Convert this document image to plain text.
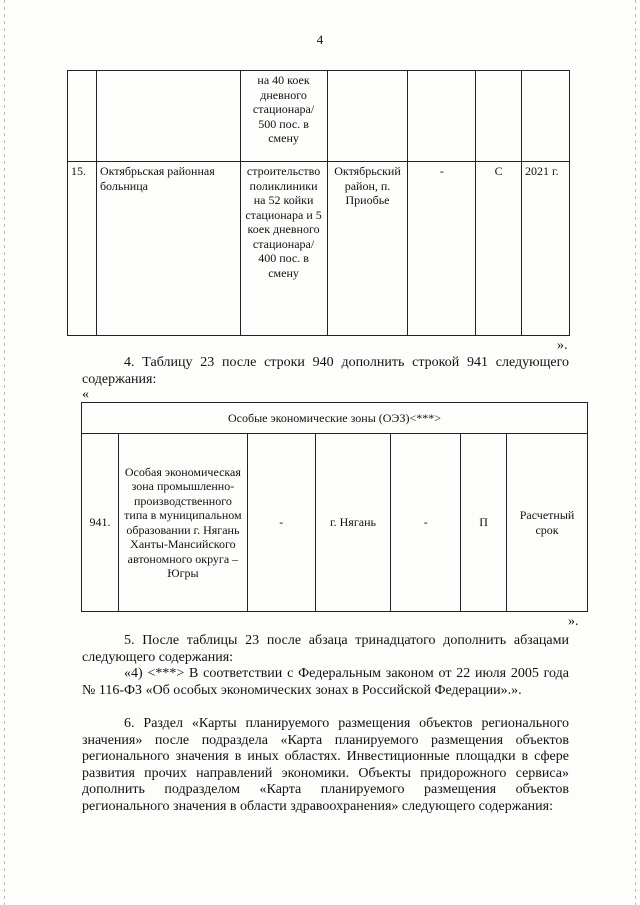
4
		на 40 коек дневного стационара/ 500 пос. в смену				
15.	Октябрьская районная больница	строительство поликлиники на 52 койки стационара и 5 коек дневного стационара/ 400 пос. в смену	Октябрьский район, п. Приобье	-	С	2021 г.
».
4. Таблицу 23 после строки 940 дополнить строкой 941 следующего содержания:
«
Особые экономические зоны (ОЭЗ)<***>
941.	Особая экономическая зона промышленно-производственного типа в муниципальном образовании г. Нягань Ханты-Мансийского автономного округа – Югры	-	г. Нягань	-	П	Расчетный срок
».
5. После таблицы 23 после абзаца тринадцатого дополнить абзацами следующего содержания:
«4) <***> В соответствии с Федеральным законом от 22 июля 2005 года № 116-ФЗ «Об особых экономических зонах в Российской Федерации».».
6. Раздел «Карты планируемого размещения объектов регионального значения» после подраздела «Карта планируемого размещения объектов регионального значения в иных областях. Инвестиционные площадки в сфере развития прочих направлений экономики. Объекты придорожного сервиса» дополнить подразделом «Карта планируемого размещения объектов регионального значения в области здравоохранения» следующего содержания:
